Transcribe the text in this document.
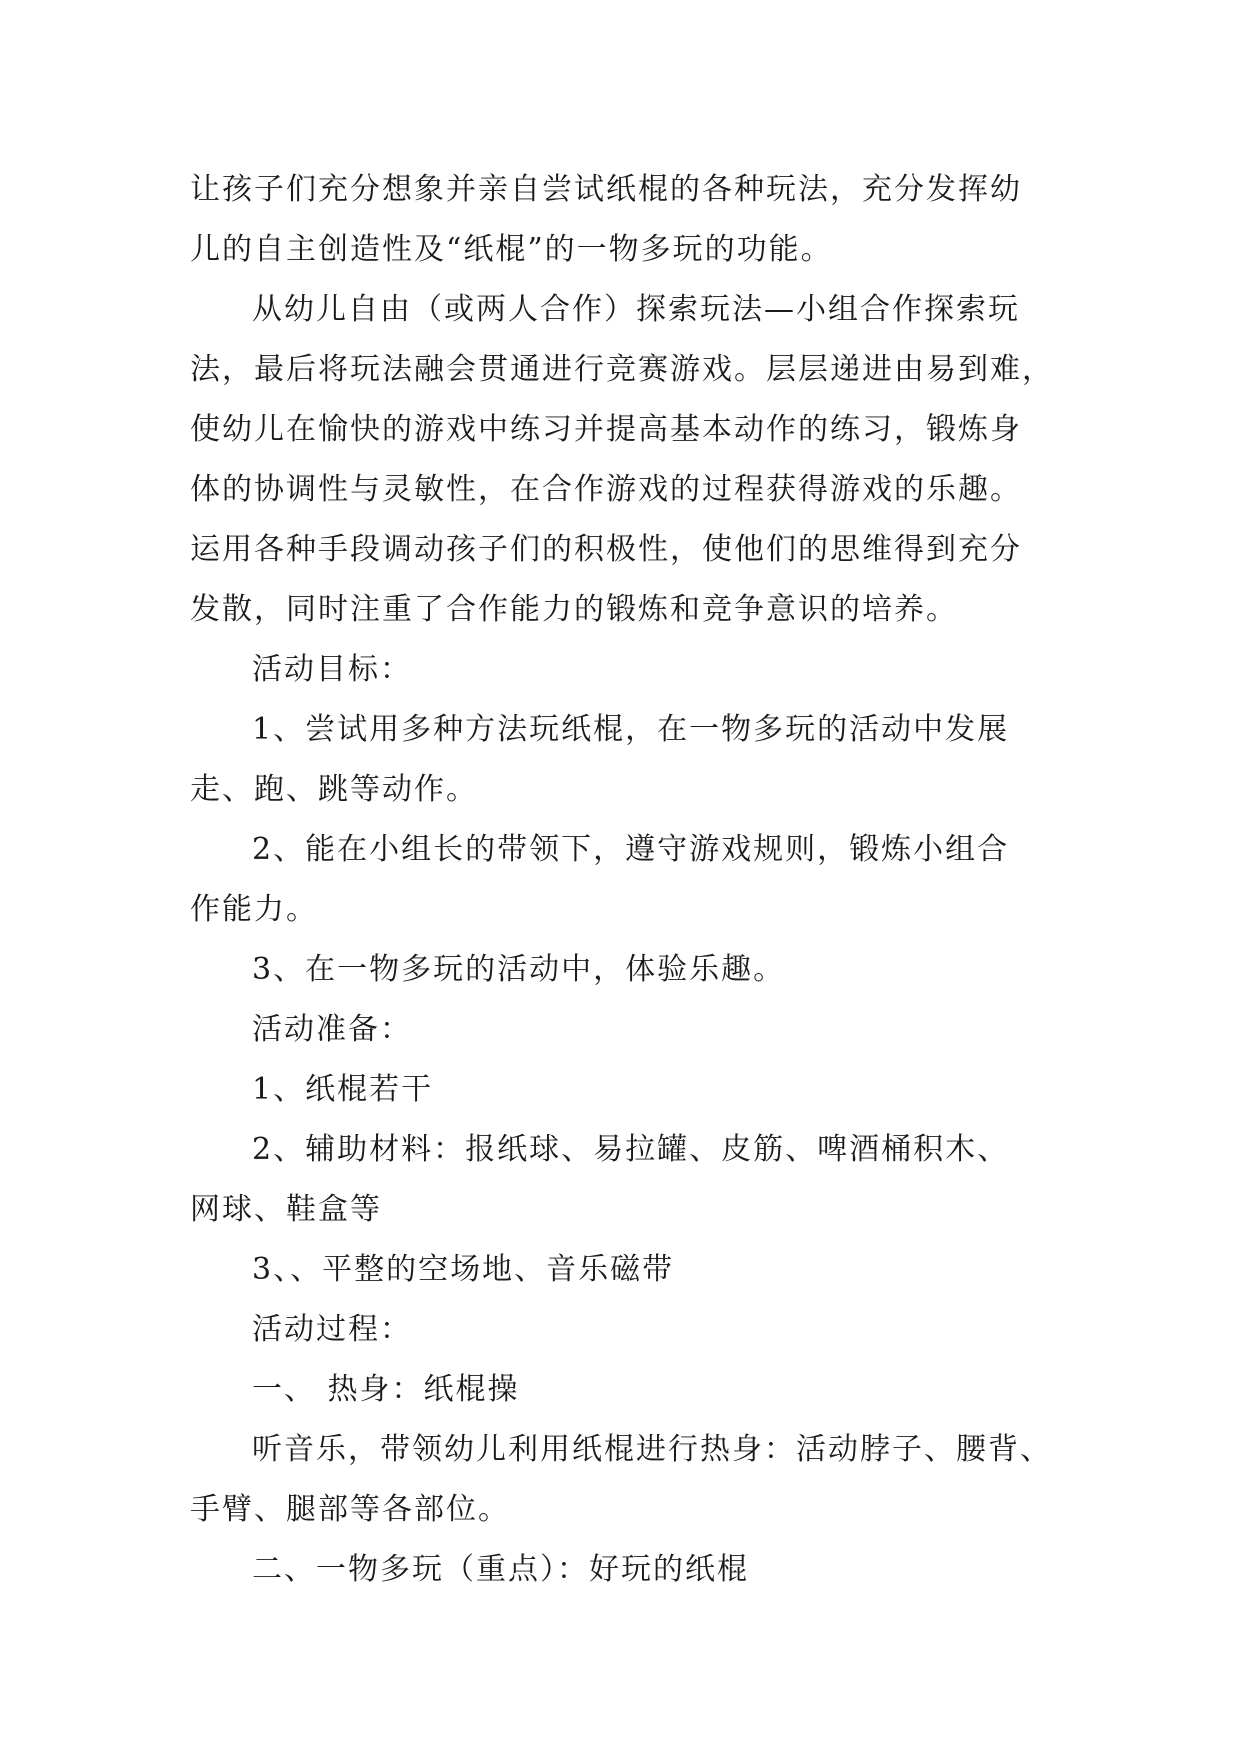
让孩子们充分想象并亲自尝试纸棍的各种玩法，充分发挥幼
儿的自主创造性及“纸棍”的一物多玩的功能。
从幼儿自由（或两人合作）探索玩法—小组合作探索玩
法，最后将玩法融会贯通进行竞赛游戏。层层递进由易到难，
使幼儿在愉快的游戏中练习并提高基本动作的练习，锻炼身
体的协调性与灵敏性，在合作游戏的过程获得游戏的乐趣。
运用各种手段调动孩子们的积极性，使他们的思维得到充分
发散，同时注重了合作能力的锻炼和竞争意识的培养。
活动目标：
1、尝试用多种方法玩纸棍，在一物多玩的活动中发展
走、跑、跳等动作。
2、能在小组长的带领下，遵守游戏规则，锻炼小组合
作能力。
3、在一物多玩的活动中，体验乐趣。
活动准备：
1、纸棍若干
2、辅助材料：报纸球、易拉罐、皮筋、啤酒桶积木、
网球、鞋盒等
3、、平整的空场地、音乐磁带
活动过程：
一、 热身：纸棍操
听音乐，带领幼儿利用纸棍进行热身：活动脖子、腰背、
手臂、腿部等各部位。
二、一物多玩（重点）：好玩的纸棍
